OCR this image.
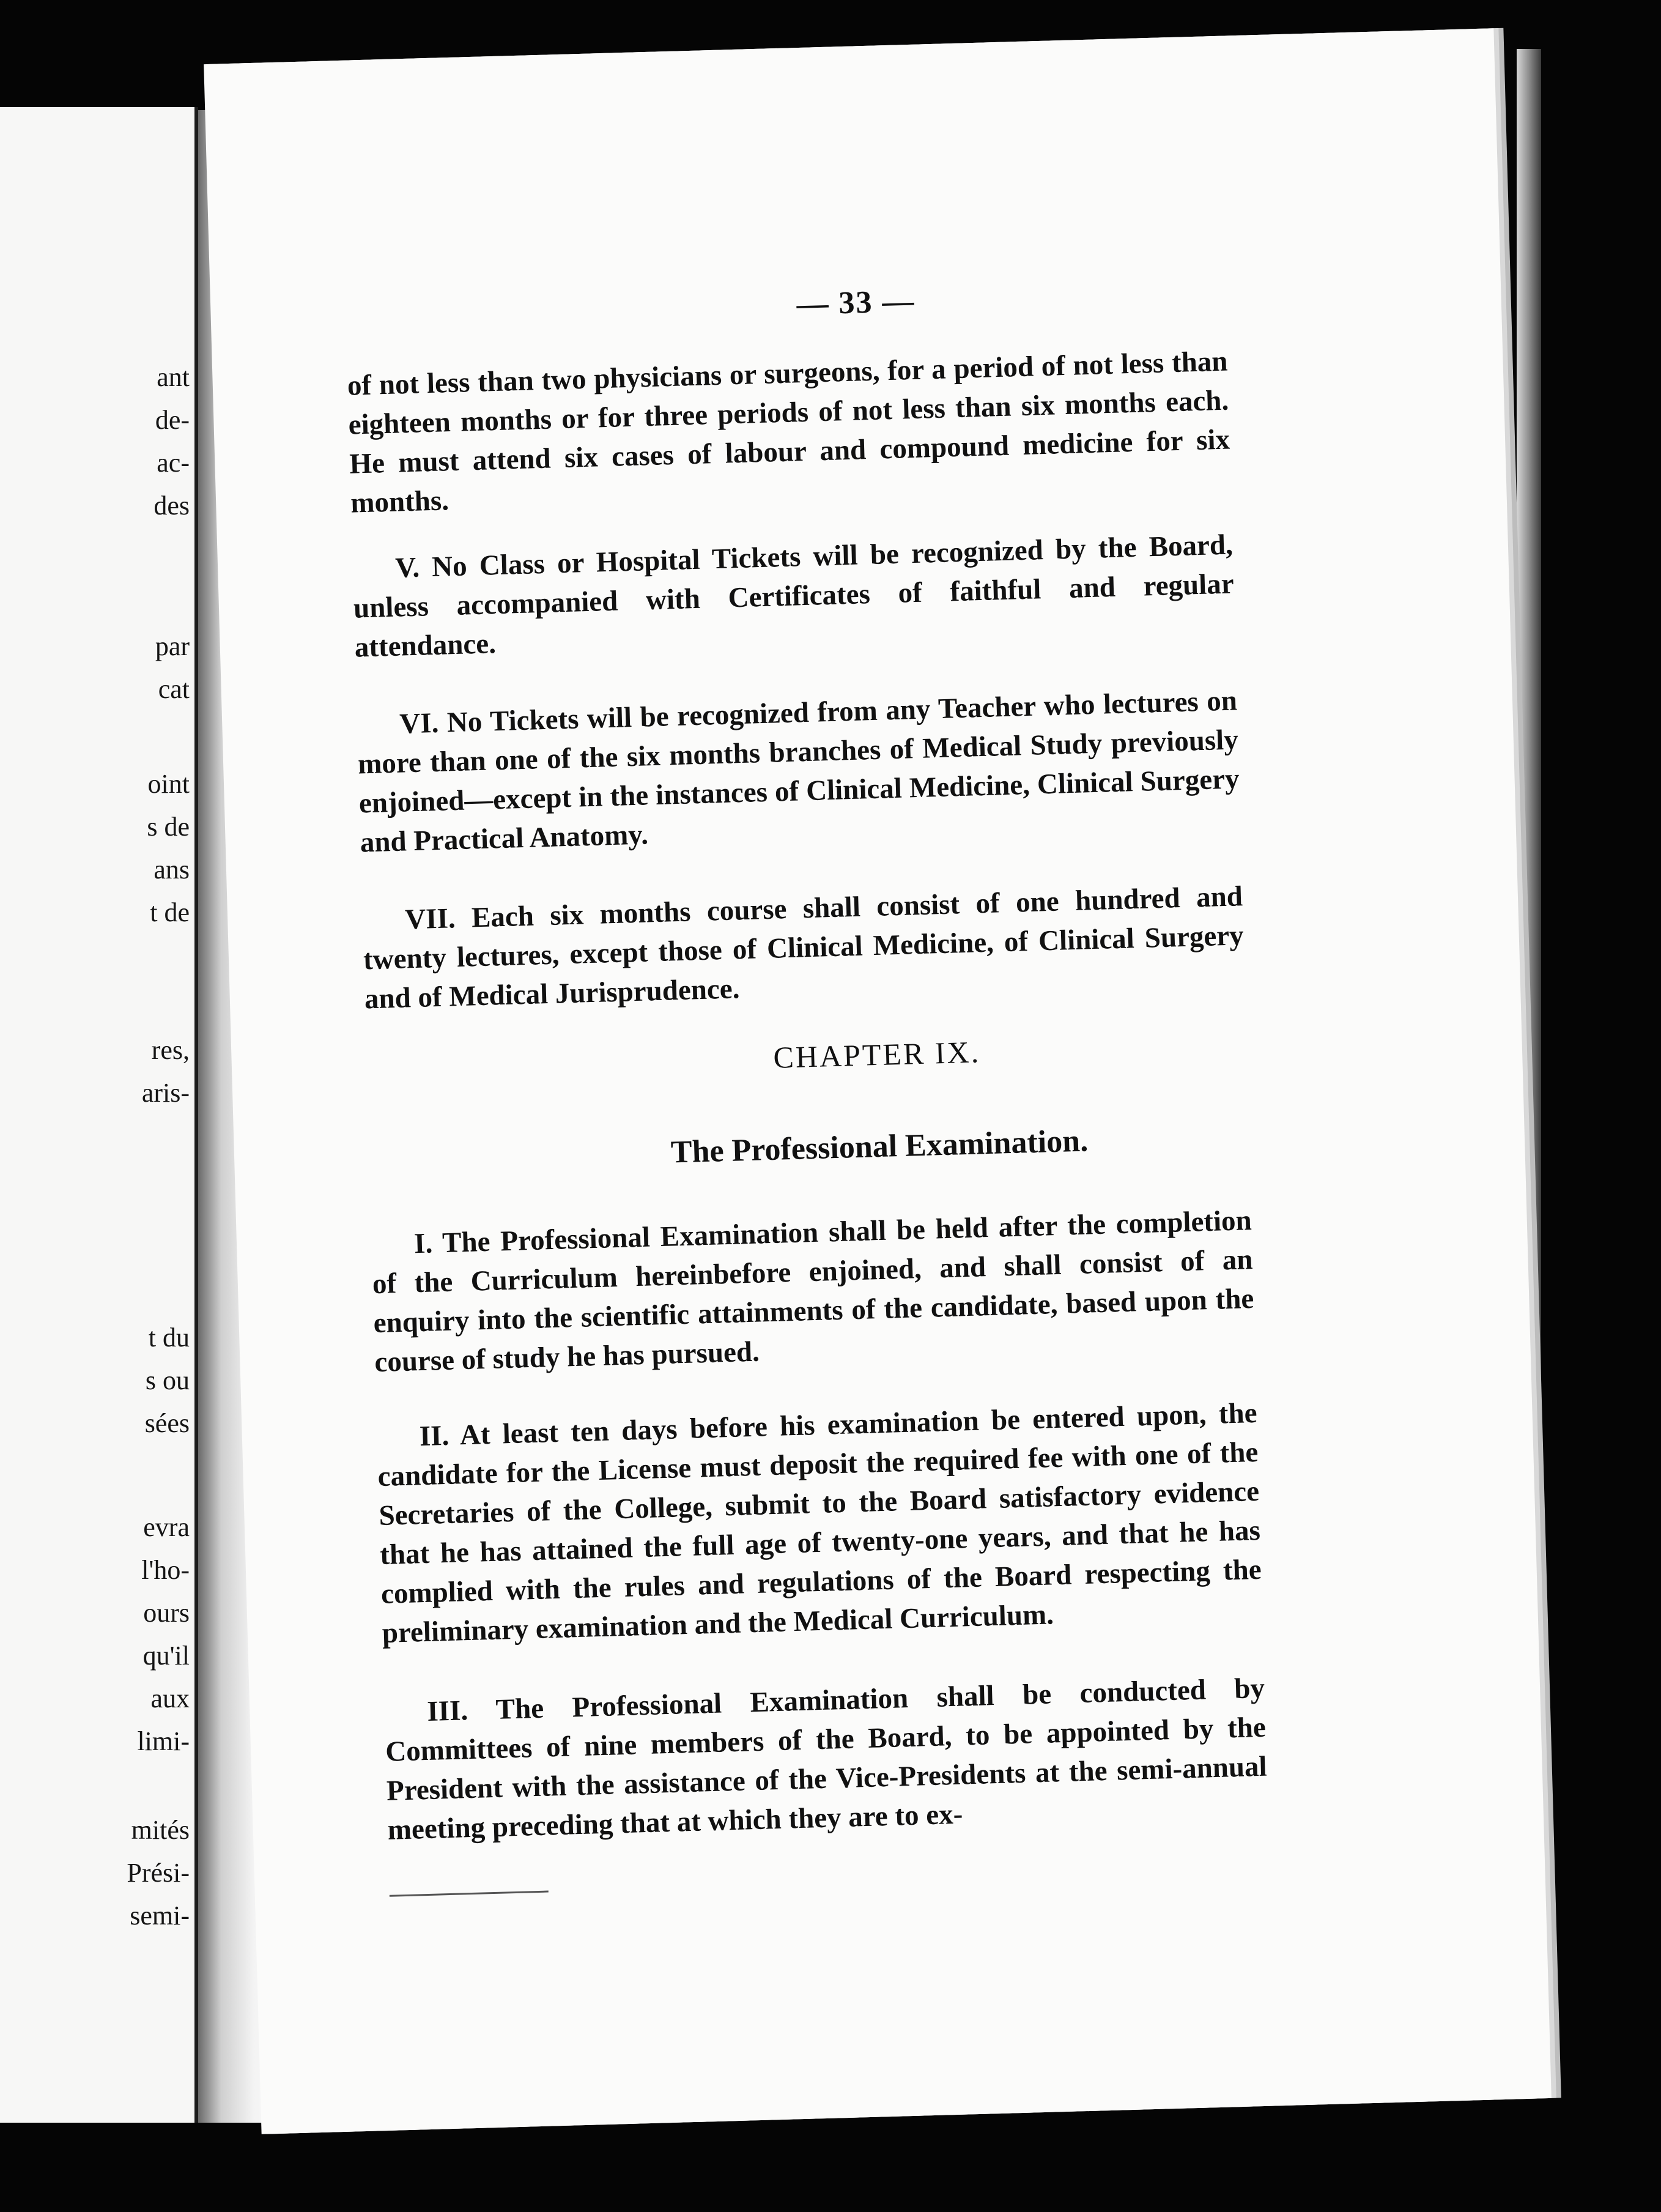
ant
de-
ac-
des
par
cat
oint
s de
ans
t de
res,
aris-
t du
s ou
sées
evra
l'ho-
ours
qu'il
aux
limi-
mités
Prési-
semi-
— 33 —

of not less than two physicians or surgeons, for a period of not less than eighteen months or for three periods of not less than six months each. He must attend six cases of labour and compound medicine for six months.

V. No Class or Hospital Tickets will be recognized by the Board, unless accompanied with Certificates of faithful and regular attendance.

VI. No Tickets will be recognized from any Teacher who lectures on more than one of the six months branches of Medical Study previously enjoined—except in the instances of Clinical Medicine, Clinical Surgery and Practical Anatomy.

VII. Each six months course shall consist of one hundred and twenty lectures, except those of Clinical Medicine, of Clinical Surgery and of Medical Jurisprudence.

CHAPTER IX.
The Professional Examination.

I. The Professional Examination shall be held after the completion of the Curriculum hereinbefore enjoined, and shall consist of an enquiry into the scientific attainments of the candidate, based upon the course of study he has pursued.

II. At least ten days before his examination be entered upon, the candidate for the License must deposit the required fee with one of the Secretaries of the College, submit to the Board satisfactory evidence that he has attained the full age of twenty-one years, and that he has complied with the rules and regulations of the Board respecting the preliminary examination and the Medical Curriculum.

III. The Professional Examination shall be conducted by Committees of nine members of the Board, to be appointed by the President with the assistance of the Vice-Presidents at the semi-annual meeting preceding that at which they are to ex-
